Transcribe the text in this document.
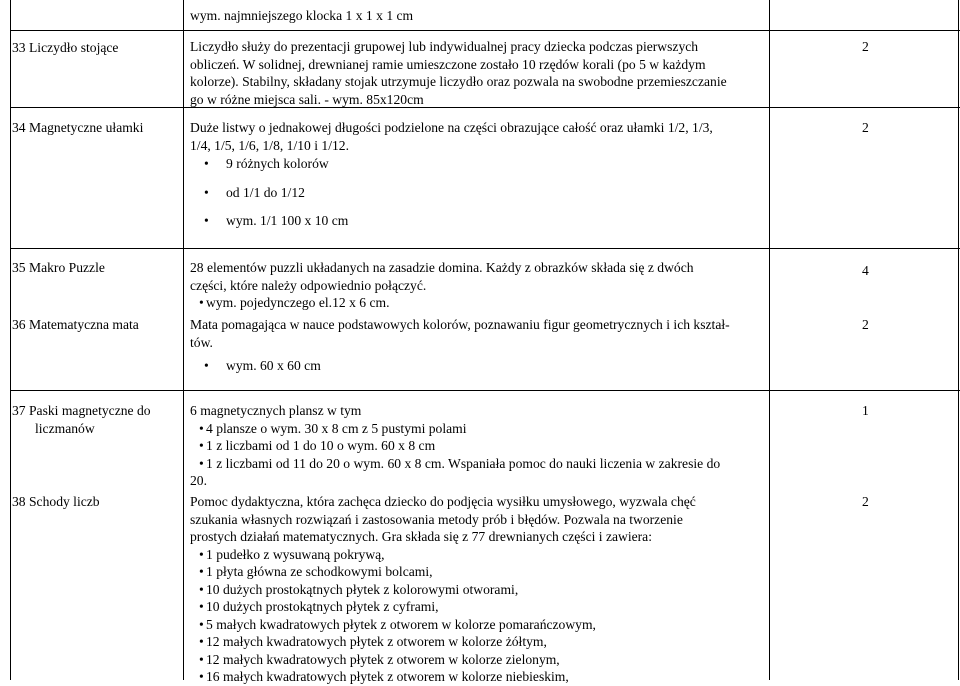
wym. najmniejszego klocka 1 x 1 x 1 cm
33 Liczydło stojące	Liczydło służy do prezentacji grupowej lub indywidualnej pracy dziecka podczas pierwszych
obliczeń. W solidnej, drewnianej ramie umieszczone zostało 10 rzędów korali (po 5 w każdym
kolorze). Stabilny, składany stojak utrzymuje liczydło oraz pozwala na swobodne przemieszczanie
go w różne miejsca sali. - wym. 85x120cm
2
34 Magnetyczne ułamki	Duże listwy o jednakowej długości podzielone na części obrazujące całość oraz ułamki 1/2, 1/3,
1/4, 1/5, 1/6, 1/8, 1/10 i 1/12.
• 9 różnych kolorów
• od 1/1 do 1/12
• wym. 1/1 100 x 10 cm
2
35 Makro Puzzle	28 elementów puzzli układanych na zasadzie domina. Każdy z obrazków składa się z dwóch
części, które należy odpowiednio połączyć.
• wym. pojedynczego el.12 x 6 cm.
4
36 Matematyczna mata	Mata pomagająca w nauce podstawowych kolorów, poznawaniu figur geometrycznych i ich kształ-
tów.
• wym. 60 x 60 cm
2
37 Paski magnetyczne do
liczmanów
6 magnetycznych plansz w tym
• 4 plansze o wym. 30 x 8 cm z 5 pustymi polami
• 1 z liczbami od 1 do 10 o wym. 60 x 8 cm
• 1 z liczbami od 11 do 20 o wym. 60 x 8 cm. Wspaniała pomoc do nauki liczenia w zakresie do
20.
1
38 Schody liczb	Pomoc dydaktyczna, która zachęca dziecko do podjęcia wysiłku umysłowego, wyzwala chęć
szukania własnych rozwiązań i zastosowania metody prób i błędów. Pozwala na tworzenie
prostych działań matematycznych. Gra składa się z 77 drewnianych części i zawiera:
• 1 pudełko z wysuwaną pokrywą,
• 1 płyta główna ze schodkowymi bolcami,
• 10 dużych prostokątnych płytek z kolorowymi otworami,
• 10 dużych prostokątnych płytek z cyframi,
• 5 małych kwadratowych płytek z otworem w kolorze pomarańczowym,
• 12 małych kwadratowych płytek z otworem w kolorze żółtym,
• 12 małych kwadratowych płytek z otworem w kolorze zielonym,
• 16 małych kwadratowych płytek z otworem w kolorze niebieskim,
2
